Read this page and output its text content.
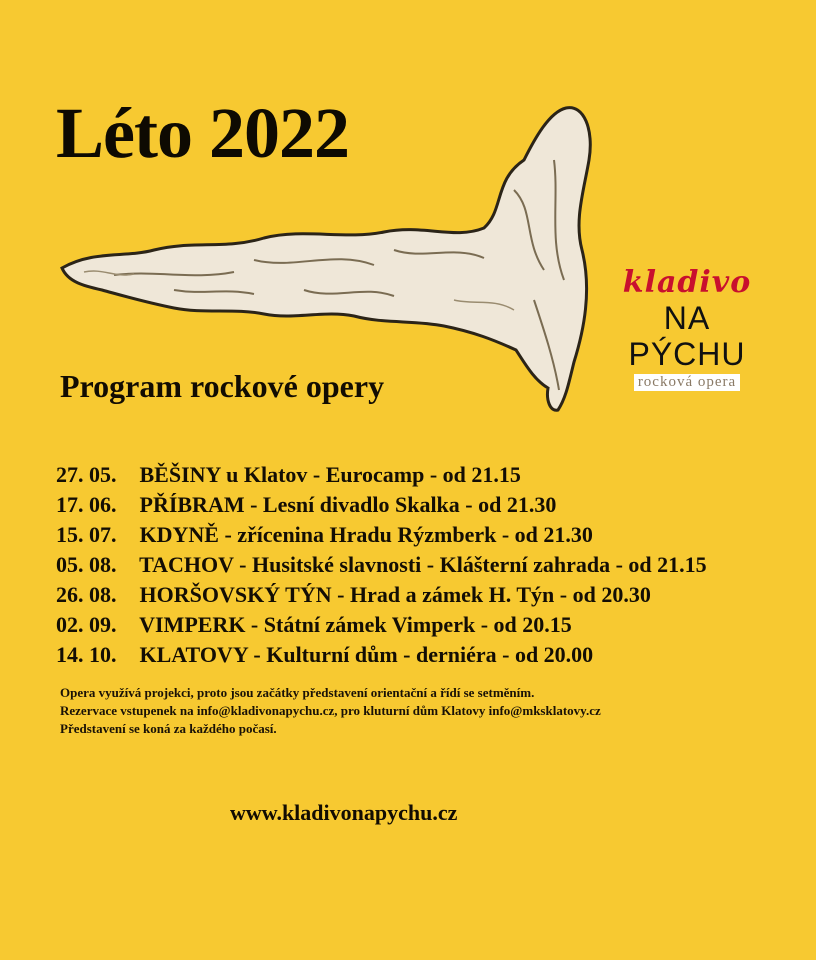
Léto 2022
kladivo
NA
PÝCHU
rocková opera
Program rockové opery
27. 05. BĚŠINY u Klatov - Eurocamp - od 21.15
17. 06. PŘÍBRAM - Lesní divadlo Skalka - od 21.30
15. 07. KDYNĚ - zřícenina Hradu Rýzmberk - od 21.30
05. 08. TACHOV - Husitské slavnosti - Klášterní zahrada - od 21.15
26. 08. HORŠOVSKÝ TÝN - Hrad a zámek H. Týn - od 20.30
02. 09. VIMPERK - Státní zámek Vimperk - od 20.15
14. 10. KLATOVY - Kulturní dům - derniéra - od 20.00
Opera využívá projekci, proto jsou začátky představení orientační a řídí se setměním.
Rezervace vstupenek na info@kladivonapychu.cz, pro kluturní dům Klatovy info@mksklatovy.cz
Představení se koná za každého počasí.
www.kladivonapychu.cz
